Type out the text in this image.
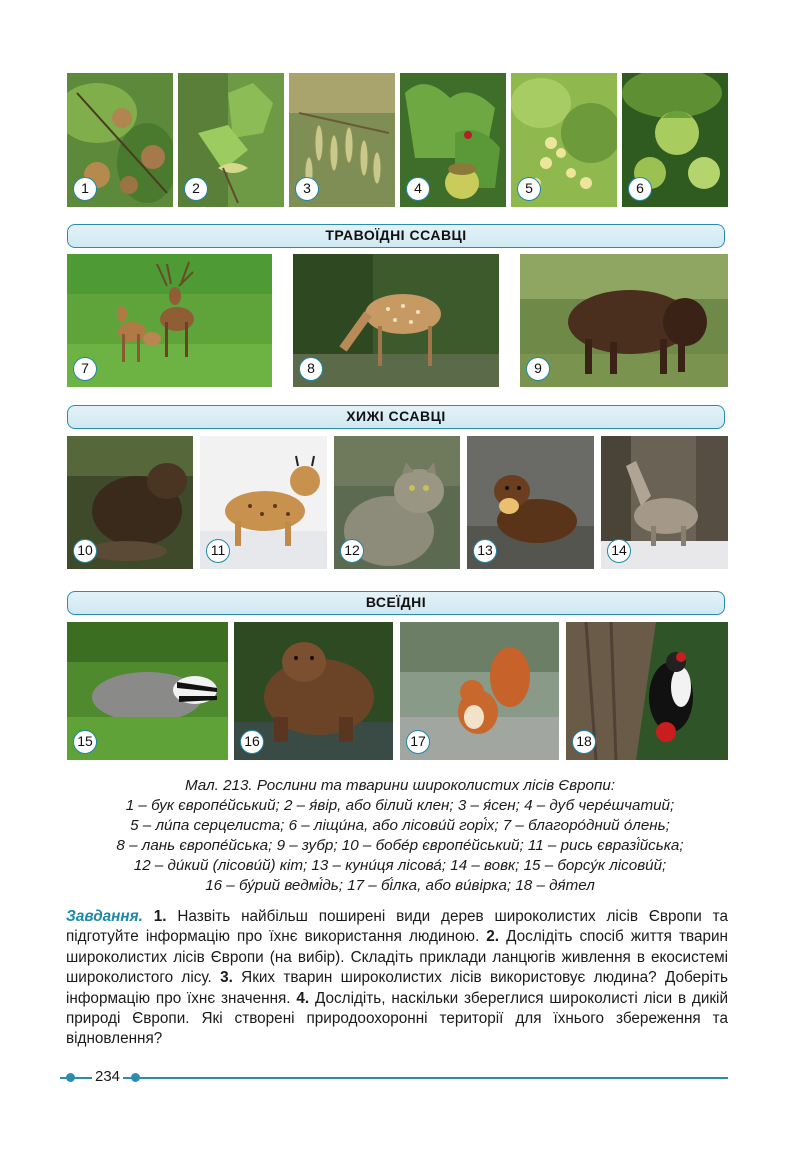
1	2	3	4	5	6
ТРАВОЇДНІ ССАВЦІ
7	8	9
ХИЖІ ССАВЦІ
10	11	12	13	14
ВСЕЇДНІ
15	16	17	18
Мал. 213. Рослини та тварини широколистих лісів Європи:
1 – бук європе́йський; 2 – я́вір, або білий клен; 3 – я́сен; 4 – дуб чере́шчатий;
5 – ли́па серцелиста; 6 – ліщи́на, або лісови́й горі́х; 7 – благоро́дний о́лень;
8 – лань європе́йська; 9 – зубр; 10 – бобе́р європе́йський; 11 – рись євразі́йська;
12 – ди́кий (лісови́й) кіт; 13 – куни́ця лісова́; 14 – вовк; 15 – борсу́к лісови́й;
16 – бу́рий ведмі́дь; 17 – бі́лка, або ви́вірка; 18 – дя́тел
Завдання. 1. Назвіть найбільш поширені види дерев широколистих лісів Європи та підготуйте інформацію про їхнє використання людиною. 2. Дослідіть спосіб життя тварин широколистих лісів Європи (на вибір). Складіть приклади ланцюгів живлення в екосистемі широколистого лісу. 3. Яких тварин широколистих лісів використовує людина? Доберіть інформацію про їхнє значення. 4. Дослідіть, наскільки збереглися широколисті ліси в дикій природі Європи. Які створені природоохоронні території для їхнього збереження та відновлення?
234
